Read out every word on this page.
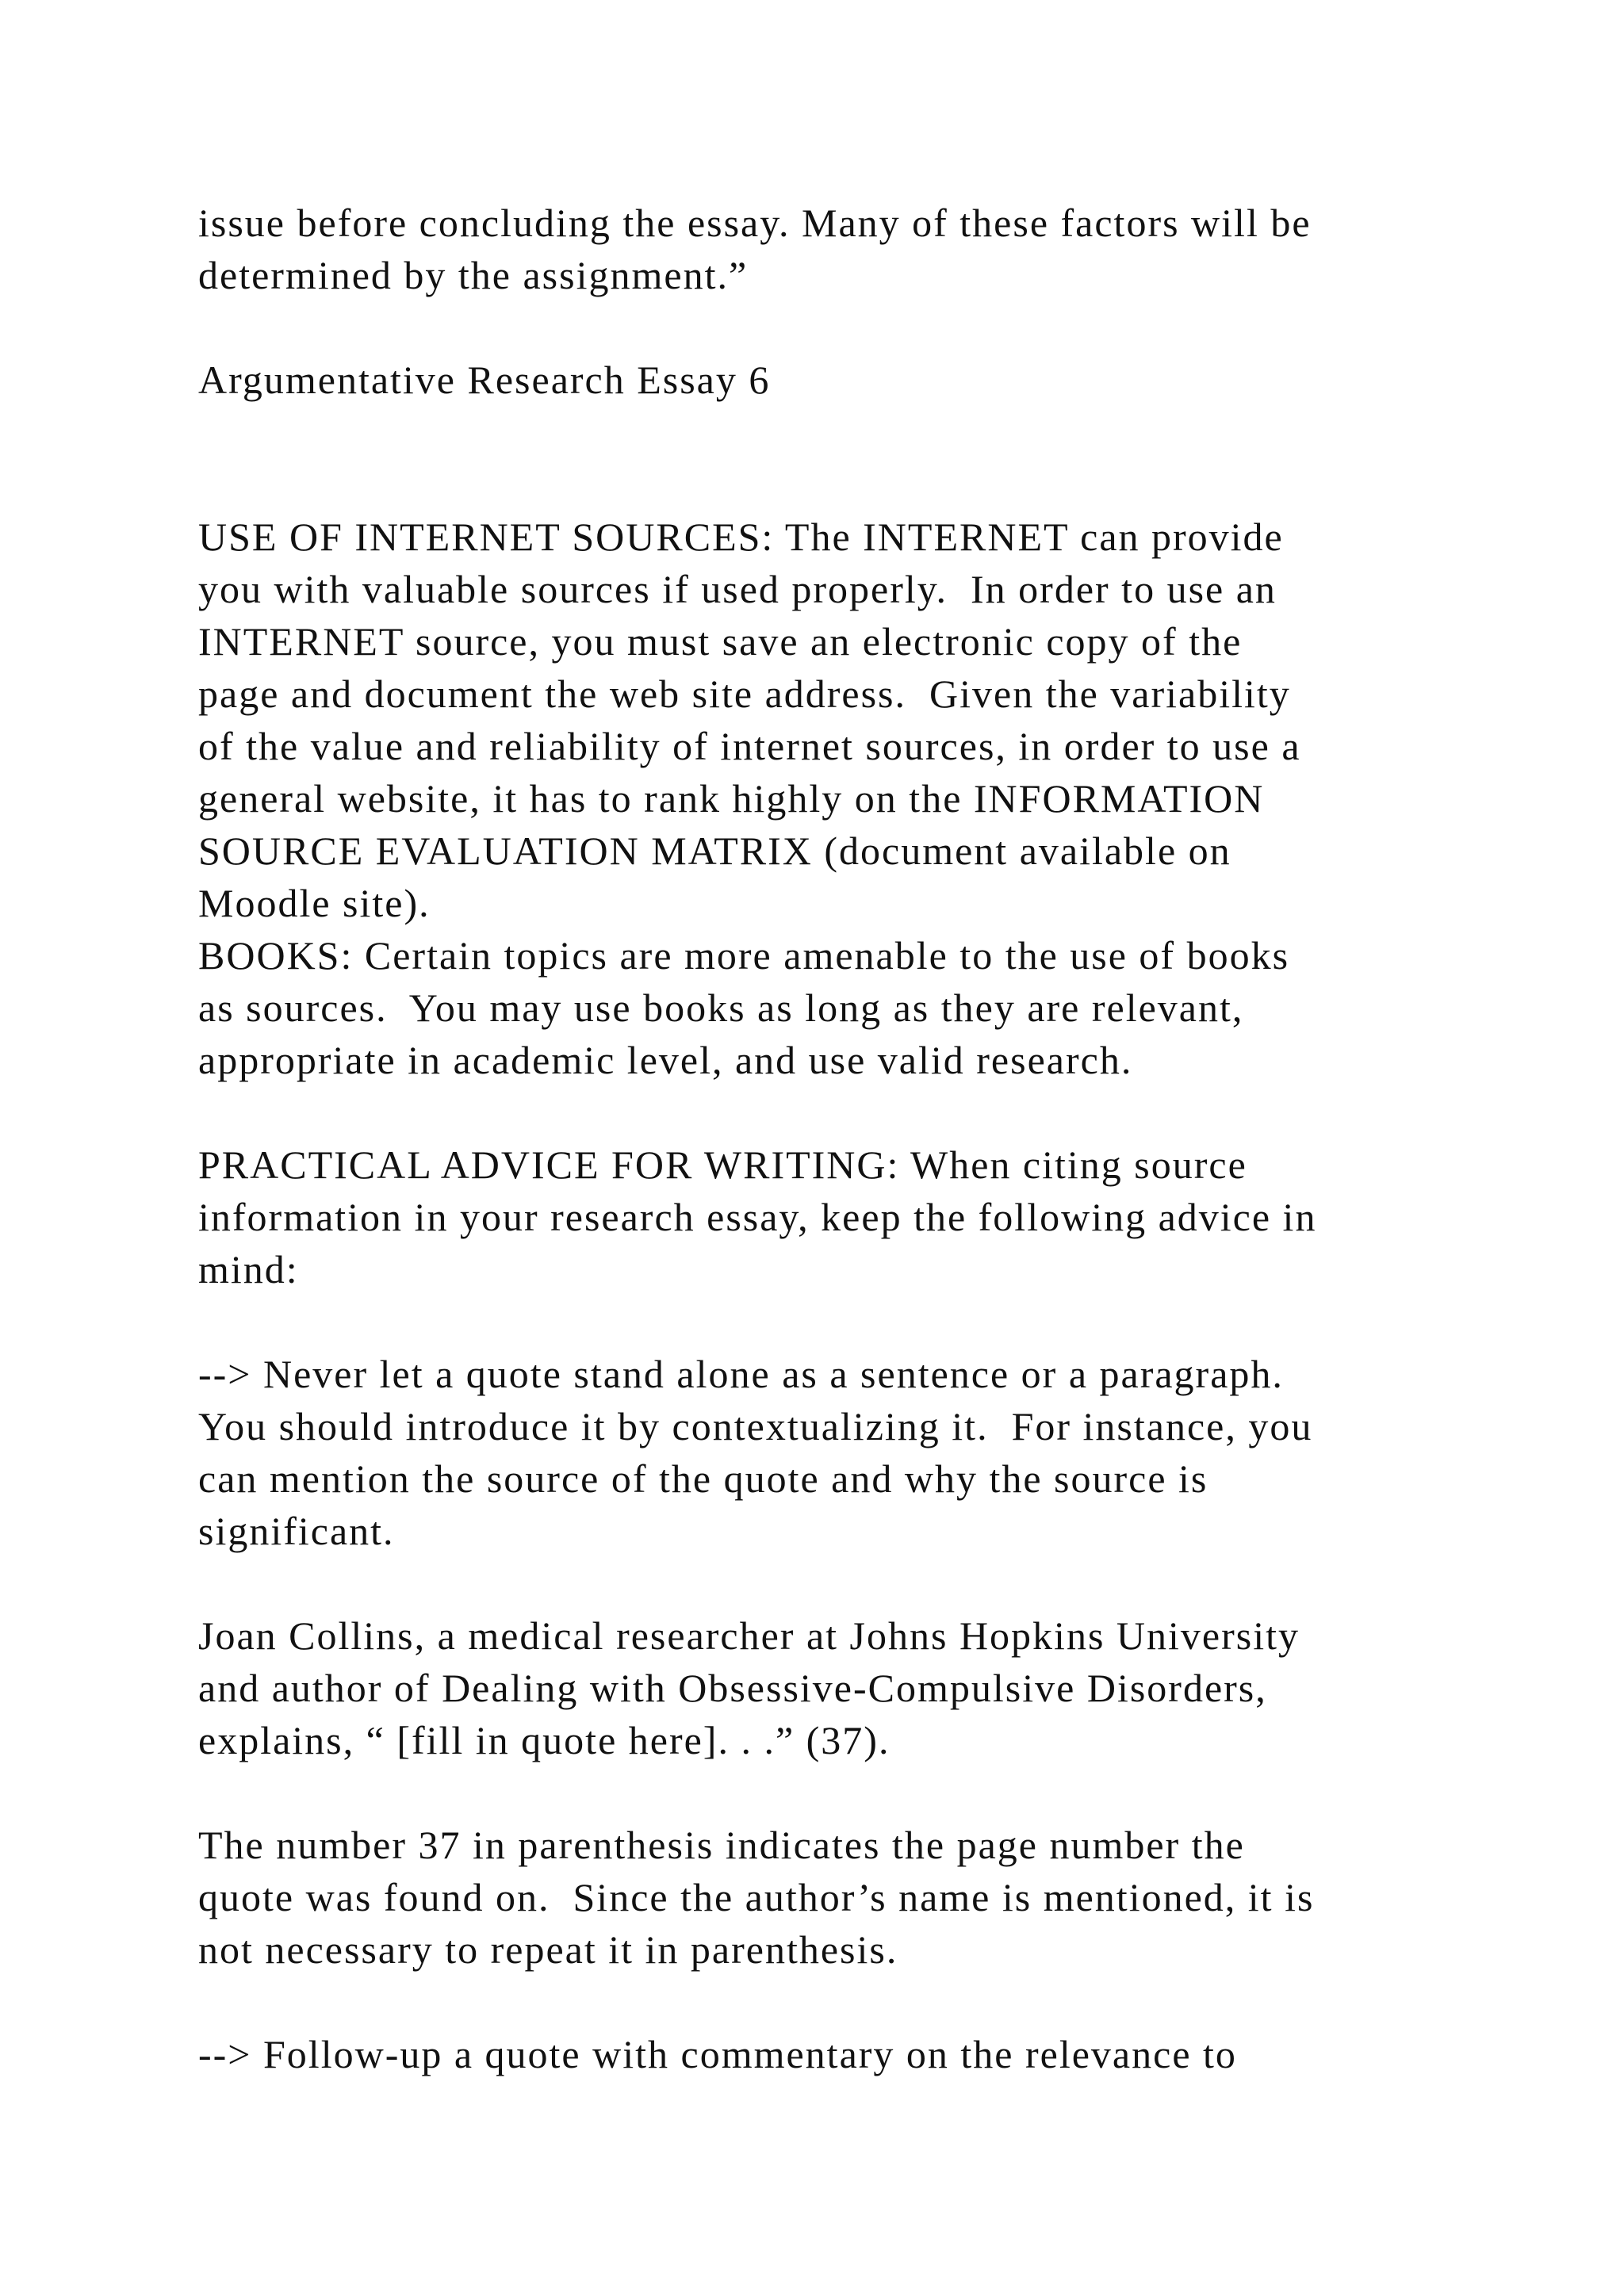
issue before concluding the essay. Many of these factors will be
determined by the assignment.”
Argumentative Research Essay 6
USE OF INTERNET SOURCES: The INTERNET can provide
you with valuable sources if used properly.  In order to use an
INTERNET source, you must save an electronic copy of the
page and document the web site address.  Given the variability
of the value and reliability of internet sources, in order to use a
general website, it has to rank highly on the INFORMATION
SOURCE EVALUATION MATRIX (document available on
Moodle site).
BOOKS: Certain topics are more amenable to the use of books
as sources.  You may use books as long as they are relevant,
appropriate in academic level, and use valid research.
PRACTICAL ADVICE FOR WRITING: When citing source
information in your research essay, keep the following advice in
mind:
--> Never let a quote stand alone as a sentence or a paragraph.
You should introduce it by contextualizing it.  For instance, you
can mention the source of the quote and why the source is
significant.
Joan Collins, a medical researcher at Johns Hopkins University
and author of Dealing with Obsessive-Compulsive Disorders,
explains, “ [fill in quote here]. . .” (37).
The number 37 in parenthesis indicates the page number the
quote was found on.  Since the author’s name is mentioned, it is
not necessary to repeat it in parenthesis.
--> Follow-up a quote with commentary on the relevance to
